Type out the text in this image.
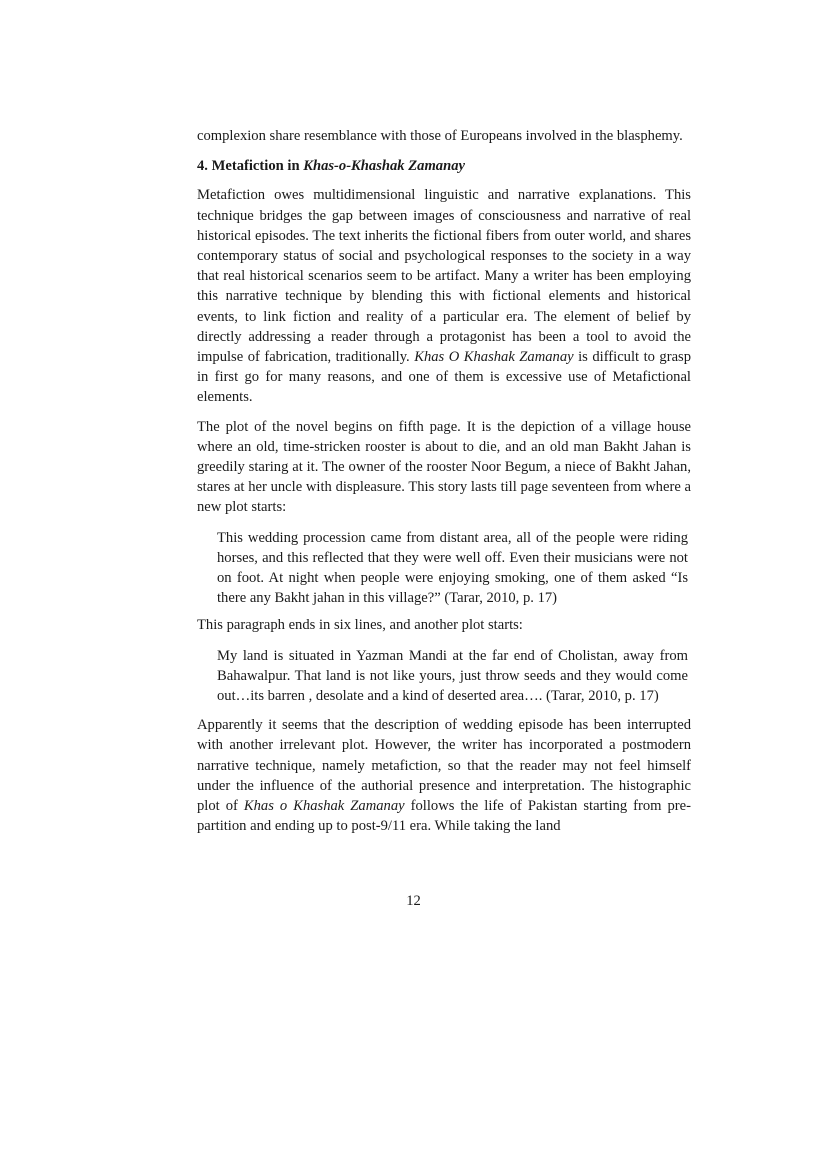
complexion share resemblance with those of Europeans involved in the blasphemy.

4. Metafiction in Khas-o-Khashak Zamanay

Metafiction owes multidimensional linguistic and narrative explanations. This technique bridges the gap between images of consciousness and narrative of real historical episodes. The text inherits the fictional fibers from outer world, and shares contemporary status of social and psychological responses to the society in a way that real historical scenarios seem to be artifact. Many a writer has been employing this narrative technique by blending this with fictional elements and historical events, to link fiction and reality of a particular era. The element of belief by directly addressing a reader through a protagonist has been a tool to avoid the impulse of fabrication, traditionally. Khas O Khashak Zamanay is difficult to grasp in first go for many reasons, and one of them is excessive use of Metafictional elements.

The plot of the novel begins on fifth page. It is the depiction of a village house where an old, time-stricken rooster is about to die, and an old man Bakht Jahan is greedily staring at it. The owner of the rooster Noor Begum, a niece of Bakht Jahan, stares at her uncle with displeasure. This story lasts till page seventeen from where a new plot starts:

This wedding procession came from distant area, all of the people were riding horses, and this reflected that they were well off. Even their musicians were not on foot. At night when people were enjoying smoking, one of them asked “Is there any Bakht jahan in this village?” (Tarar, 2010, p. 17)

This paragraph ends in six lines, and another plot starts:

My land is situated in Yazman Mandi at the far end of Cholistan, away from Bahawalpur. That land is not like yours, just throw seeds and they would come out…its barren , desolate and a kind of deserted area…. (Tarar, 2010, p. 17)

Apparently it seems that the description of wedding episode has been interrupted with another irrelevant plot. However, the writer has incorporated a postmodern narrative technique, namely metafiction, so that the reader may not feel himself under the influence of the authorial presence and interpretation. The histographic plot of Khas o Khashak Zamanay follows the life of Pakistan starting from pre-partition and ending up to post-9/11 era. While taking the land

12
